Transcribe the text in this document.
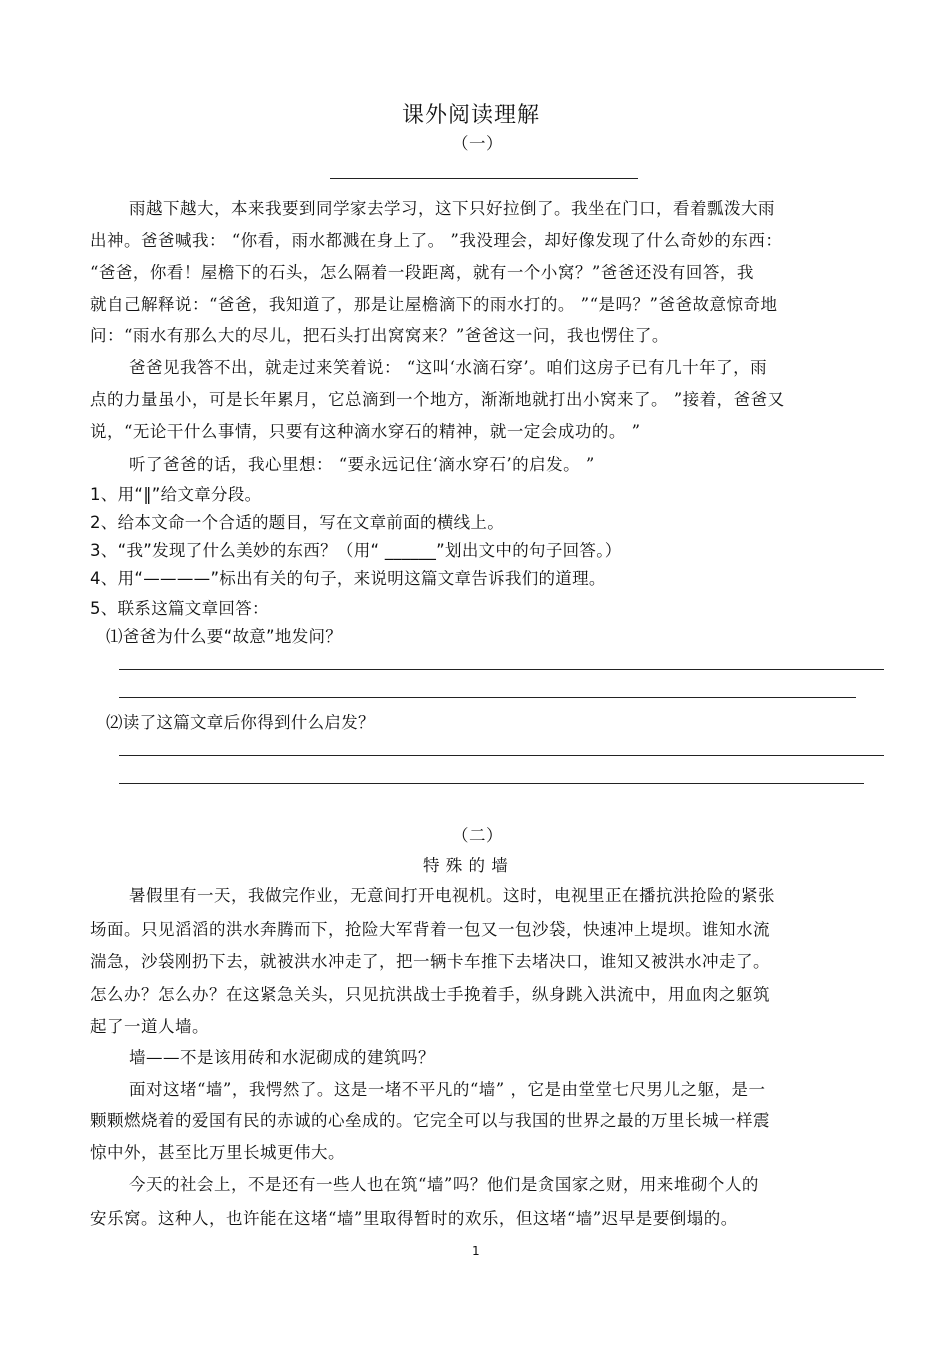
课外阅读理解
（一）
雨越下越大，本来我要到同学家去学习，这下只好拉倒了。我坐在门口，看着瓢泼大雨
出神。爸爸喊我： “你看，雨水都溅在身上了。 ”我没理会，却好像发现了什么奇妙的东西：
“爸爸，你看！屋檐下的石头，怎么隔着一段距离，就有一个小窝？”爸爸还没有回答，我
就自己解释说：“爸爸，我知道了，那是让屋檐滴下的雨水打的。 ”“是吗？”爸爸故意惊奇地
问：“雨水有那么大的尽儿，把石头打出窝窝来？”爸爸这一问，我也愣住了。
爸爸见我答不出，就走过来笑着说： “这叫‘水滴石穿’。咱们这房子已有几十年了，雨
点的力量虽小，可是长年累月，它总滴到一个地方，渐渐地就打出小窝来了。 ”接着，爸爸又
说，“无论干什么事情，只要有这种滴水穿石的精神，就一定会成功的。 ”
听了爸爸的话，我心里想： “要永远记住‘滴水穿石’的启发。 ”
1、用“‖”给文章分段。
2、给本文命一个合适的题目，写在文章前面的横线上。
3、“我”发现了什么美妙的东西？（用“ ______”划出文中的句子回答。）
4、用“————”标出有关的句子，来说明这篇文章告诉我们的道理。
5、联系这篇文章回答：
⑴爸爸为什么要“故意”地发问？
⑵读了这篇文章后你得到什么启发？
（二）
特 殊 的 墙
暑假里有一天，我做完作业，无意间打开电视机。这时，电视里正在播抗洪抢险的紧张
场面。只见滔滔的洪水奔腾而下，抢险大军背着一包又一包沙袋，快速冲上堤坝。谁知水流
湍急，沙袋刚扔下去，就被洪水冲走了，把一辆卡车推下去堵决口，谁知又被洪水冲走了。
怎么办？怎么办？在这紧急关头，只见抗洪战士手挽着手，纵身跳入洪流中，用血肉之躯筑
起了一道人墙。
墙——不是该用砖和水泥砌成的建筑吗？
面对这堵“墙”，我愕然了。这是一堵不平凡的“墙” ，它是由堂堂七尺男儿之躯，是一
颗颗燃烧着的爱国有民的赤诚的心垒成的。它完全可以与我国的世界之最的万里长城一样震
惊中外，甚至比万里长城更伟大。
今天的社会上，不是还有一些人也在筑“墙”吗？他们是贪国家之财，用来堆砌个人的
安乐窝。这种人，也许能在这堵“墙”里取得暂时的欢乐，但这堵“墙”迟早是要倒塌的。
1
